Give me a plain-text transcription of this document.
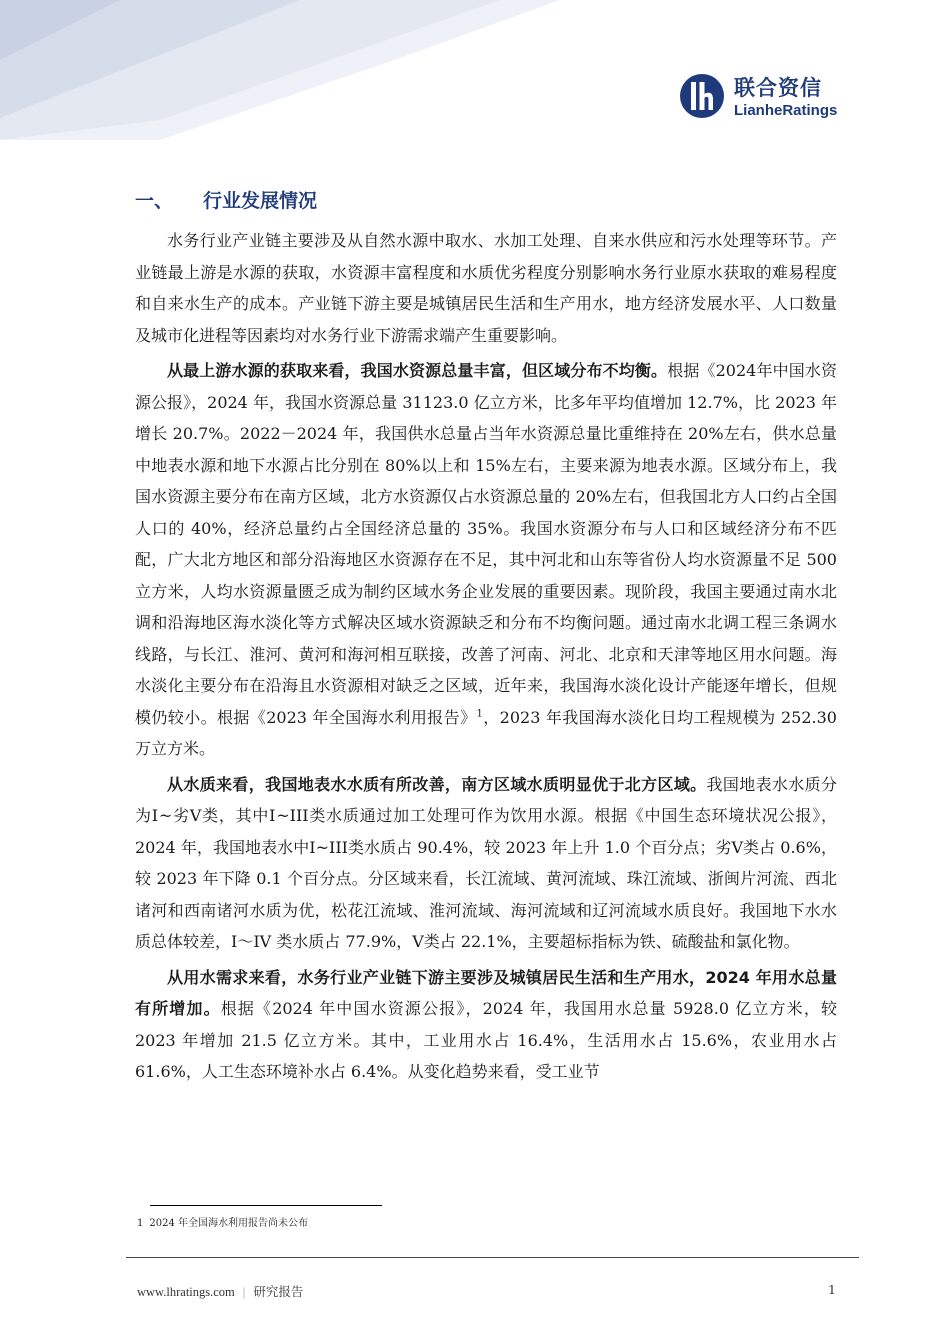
联合资信
LianheRatings
一、 行业发展情况

水务行业产业链主要涉及从自然水源中取水、水加工处理、自来水供应和污水处理等环节。产业链最上游是水源的获取，水资源丰富程度和水质优劣程度分别影响水务行业原水获取的难易程度和自来水生产的成本。产业链下游主要是城镇居民生活和生产用水，地方经济发展水平、人口数量及城市化进程等因素均对水务行业下游需求端产生重要影响。

从最上游水源的获取来看，我国水资源总量丰富，但区域分布不均衡。根据《2024年中国水资源公报》，2024 年，我国水资源总量 31123.0 亿立方米，比多年平均值增加 12.7%，比 2023 年增长 20.7%。2022－2024 年，我国供水总量占当年水资源总量比重维持在 20%左右，供水总量中地表水源和地下水源占比分别在 80%以上和 15%左右，主要来源为地表水源。区域分布上，我国水资源主要分布在南方区域，北方水资源仅占水资源总量的 20%左右，但我国北方人口约占全国人口的 40%，经济总量约占全国经济总量的 35%。我国水资源分布与人口和区域经济分布不匹配，广大北方地区和部分沿海地区水资源存在不足，其中河北和山东等省份人均水资源量不足 500 立方米，人均水资源量匮乏成为制约区域水务企业发展的重要因素。现阶段，我国主要通过南水北调和沿海地区海水淡化等方式解决区域水资源缺乏和分布不均衡问题。通过南水北调工程三条调水线路，与长江、淮河、黄河和海河相互联接，改善了河南、河北、北京和天津等地区用水问题。海水淡化主要分布在沿海且水资源相对缺乏之区域，近年来，我国海水淡化设计产能逐年增长，但规模仍较小。根据《2023 年全国海水利用报告》$^1$，2023 年我国海水淡化日均工程规模为 252.30 万立方米。

从水质来看，我国地表水水质有所改善，南方区域水质明显优于北方区域。我国地表水水质分为Ⅰ~劣Ⅴ类，其中Ⅰ~III类水质通过加工处理可作为饮用水源。根据《中国生态环境状况公报》，2024 年，我国地表水中Ⅰ~III类水质占 90.4%，较 2023 年上升 1.0 个百分点；劣Ⅴ类占 0.6%，较 2023 年下降 0.1 个百分点。分区域来看，长江流域、黄河流域、珠江流域、浙闽片河流、西北诸河和西南诸河水质为优，松花江流域、淮河流域、海河流域和辽河流域水质良好。我国地下水水质总体较差，Ⅰ～IV 类水质占 77.9%，Ⅴ类占 22.1%，主要超标指标为铁、硫酸盐和氯化物。

从用水需求来看，水务行业产业链下游主要涉及城镇居民生活和生产用水，2024 年用水总量有所增加。根据《2024 年中国水资源公报》，2024 年，我国用水总量 5928.0 亿立方米，较 2023 年增加 21.5 亿立方米。其中，工业用水占 16.4%，生活用水占 15.6%，农业用水占 61.6%，人工生态环境补水占 6.4%。从变化趋势来看，受工业节

1 2024 年全国海水利用报告尚未公布
www.lhratings.com | 研究报告	1
